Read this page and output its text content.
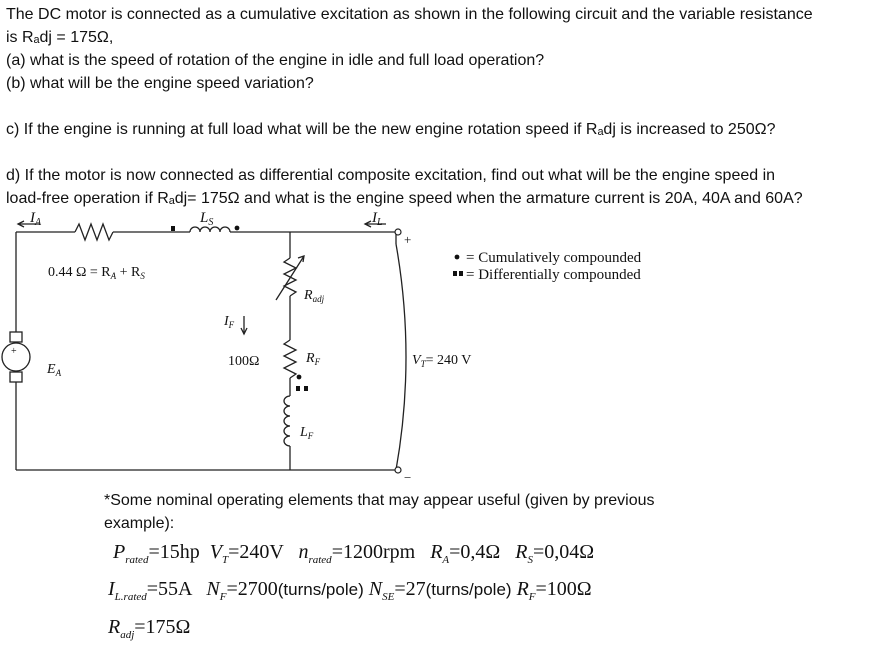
The DC motor is connected as a cumulative excitation as shown in the following circuit and the variable resistance
is Rₐdj = 175Ω,
(a) what is the speed of rotation of the engine in idle and full load operation?
(b) what will be the engine speed variation?
c) If the engine is running at full load what will be the new engine rotation speed if Rₐdj is increased to 250Ω?
d) If the motor is now connected as differential composite excitation, find out what will be the engine speed in
load-free operation if Rₐdj= 175Ω and what is the engine speed when the armature current is 20A, 40A and 60A?
$I_A$	$L_S$	$I_L$
0.44 $\Omega = R_A + R_S$
$E_A$
+
$I_F$
100Ω	$R_F$
$R_{adj}$
$L_F$
$V_T= 240$ V
+
−
= Cumulatively compounded
= Differentially compounded
*Some nominal operating elements that may appear useful (given by previous
example):
$P_{rated}=15hp$ $V_T=240V$ $n_{rated}=1200rpm$ $R_A=0,4\Omega$ $R_S=0,04\Omega$
$I_{L.rated}=55A$ $N_F=2700(turns/pole)$ $N_{SE}=27(turns/pole)$ $R_F=100\Omega$
$R_{adj}=175\Omega$
